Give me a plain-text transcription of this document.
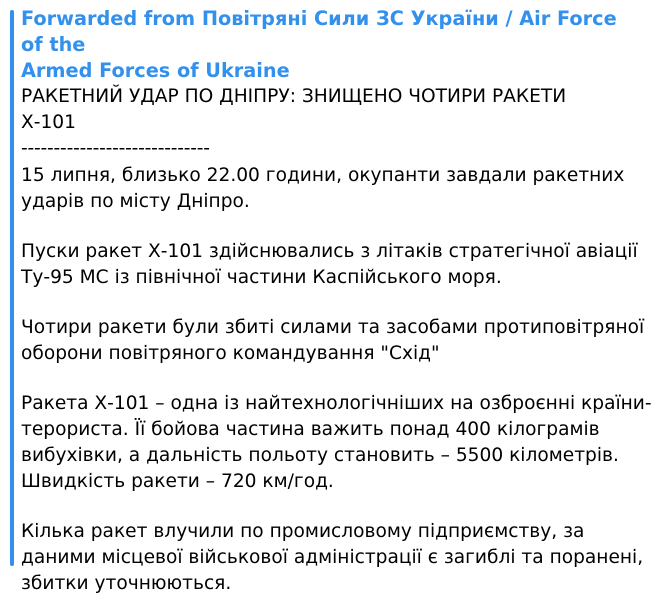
Forwarded from Повітряні Сили ЗС України / Air Force of the
Armed Forces of Ukraine

РАКЕТНИЙ УДАР ПО ДНІПРУ: ЗНИЩЕНО ЧОТИРИ РАКЕТИ Х-101

-----------------------------

15 липня, близько 22.00 години, окупанти завдали ракетних
ударів по місту Дніпро.
Пуски ракет Х-101 здійснювались з літаків стратегічної авіації
Ту-95 МС із північної частини Каспійського моря.
Чотири ракети були збиті силами та засобами протиповітряної
оборони повітряного командування "Схід"
Ракета Х-101 – одна із найтехнологічніших на озброєнні країни-
терориста. Її бойова частина важить понад 400 кілограмів
вибухівки, а дальність польоту становить – 5500 кілометрів.
Швидкість ракети – 720 км/год.
Кілька ракет влучили по промисловому підприємству, за
даними місцевої військової адміністрації є загиблі та поранені,
збитки уточнюються.
